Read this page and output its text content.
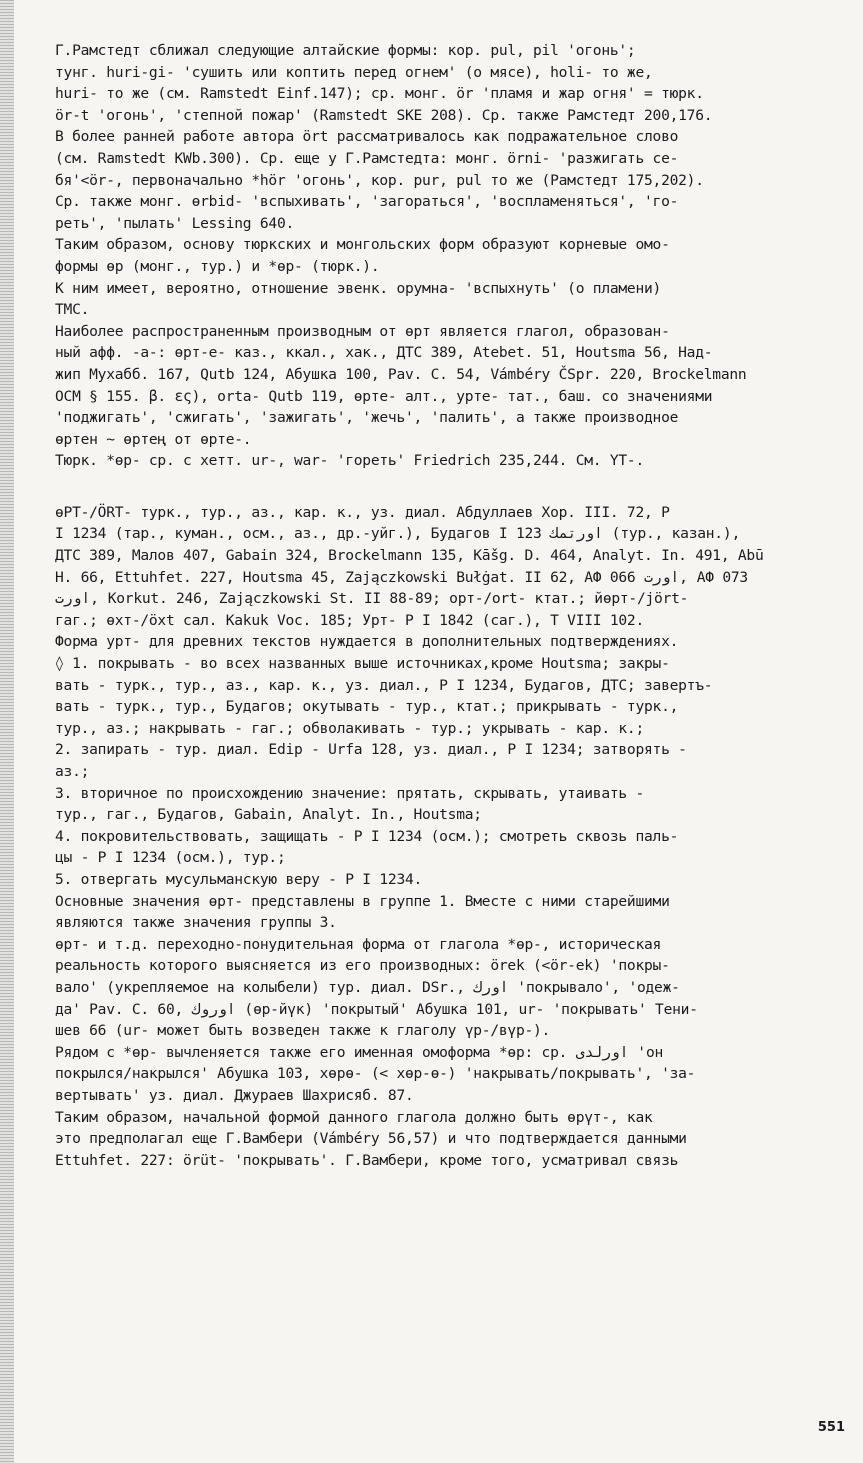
Г.Рамстедт сближал следующие алтайские формы: кор. pul, pil 'огонь';
тунг. huri-gi- 'сушить или коптить перед огнем' (о мясе), holi- то же,
huri- то же (см. Ramstedt Einf.147); ср. монг. ör 'пламя и жар огня' = тюрк.
ör-t 'огонь', 'степной пожар' (Ramstedt SKE 208). Ср. также Рамстедт 200,176.
В более ранней работе автора ört рассматривалось как подражательное слово
(см. Ramstedt KWb.300). Ср. еще у Г.Рамстедта: монг. örni- 'разжигать се-
бя'<ör-, первоначально *hör 'огонь', кор. pur, pul то же (Рамстедт 175,202).
Ср. также монг. ɵrbid- 'вспыхивать', 'загораться', 'воспламеняться', 'го-
реть', 'пылать' Lessing 640.
Таким образом, основу тюркских и монгольских форм образуют корневые омо-
формы ɵр (монг., тур.) и *ɵр- (тюрк.).
К ним имеет, вероятно, отношение эвенк. орумна- 'вспыхнуть' (о пламени)
ТМС.
Наиболее распространенным производным от ɵрт является глагол, образован-
ный афф. -а-: ɵрт-е- каз., ккал., хак., ДТС 389, Atebet. 51, Houtsma 56, Над-
жип Мухабб. 167, Qutb 124, Абушка 100, Pav. C. 54, Vámbéry ČSpr. 220, Brockelmann
ОСМ § 155. β. ες), orta- Qutb 119, ɵрте- алт., урте- тат., баш. со значениями
'поджигать', 'сжигать', 'зажигать', 'жечь', 'палить', а также производное
ɵртен ~ ɵртең от ɵрте-.
Тюрк. *ɵр- ср. с хетт. ur-, war- 'гореть' Friedrich 235,244. См. ҮТ-.
ɵРТ-/ÖRT- турк., тур., аз., кар. к., уз. диал. Абдуллаев Хор. III. 72, Р
I 1234 (тар., куман., осм., аз., др.-уйг.), Будагов I 123 اورتمك (тур., казан.),
ДТС 389, Малов 407, Gabain 324, Brockelmann 135, Kāšg. D. 464, Analyt. In. 491, Abū
H. 66, Ettuhfet. 227, Houtsma 45, Zajączkowski Bułġat. II 62, АФ 066 اورت, АФ 073
اورت, Korkut. 246, Zajączkowski St. II 88-89; орт-/ort- ктат.; йɵрт-/jört-
гаг.; ɵхт-/öxt сал. Kakuk Voc. 185; Урт- Р I 1842 (саг.), Т VIII 102.
Форма урт- для древних текстов нуждается в дополнительных подтверждениях.
◊ 1. покрывать - во всех названных выше источниках,кроме Houtsma; закры-
вать - турк., тур., аз., кар. к., уз. диал., Р I 1234, Будагов, ДТС; завертъ-
вать - турк., тур., Будагов; окутывать - тур., ктат.; прикрывать - турк.,
тур., аз.; накрывать - гаг.; обволакивать - тур.; укрывать - кар. к.;
2. запирать - тур. диал. Edip - Urfa 128, уз. диал., Р I 1234; затворять -
аз.;
3. вторичное по происхождению значение: прятать, скрывать, утаивать -
тур., гаг., Будагов, Gabain, Analyt. In., Houtsma;
4. покровительствовать, защищать - Р I 1234 (осм.); смотреть сквозь паль-
цы - Р I 1234 (осм.), тур.;
5. отвергать мусульманскую веру - Р I 1234.
Основные значения ɵрт- представлены в группе 1. Вместе с ними старейшими
являются также значения группы 3.
ɵрт- и т.д. переходно-понудительная форма от глагола *ɵр-, историческая
реальность которого выясняется из его производных: örek (<ör-ek) 'покры-
вало' (укрепляемое на колыбели) тур. диал. DSr., اورك 'покрывало', 'одеж-
да' Pav. C. 60, اوروك (ɵр-йүк) 'покрытый' Абушка 101, ur- 'покрывать' Тени-
шев 66 (ur- может быть возведен также к глаголу үр-/вүр-).
Рядом с *ɵр- вычленяется также его именная омоформа *ɵр: ср. اورلدى 'он
покрылся/накрылся' Абушка 103, хɵрɵ- (< хɵр-ɵ-) 'накрывать/покрывать', 'за-
вертывать' уз. диал. Джураев Шахрисяб. 87.
Таким образом, начальной формой данного глагола должно быть ɵрүт-, как
это предполагал еще Г.Вамбери (Vámbéry 56,57) и что подтверждается данными
Ettuhfet. 227: örüt- 'покрывать'. Г.Вамбери, кроме того, усматривал связь
551
